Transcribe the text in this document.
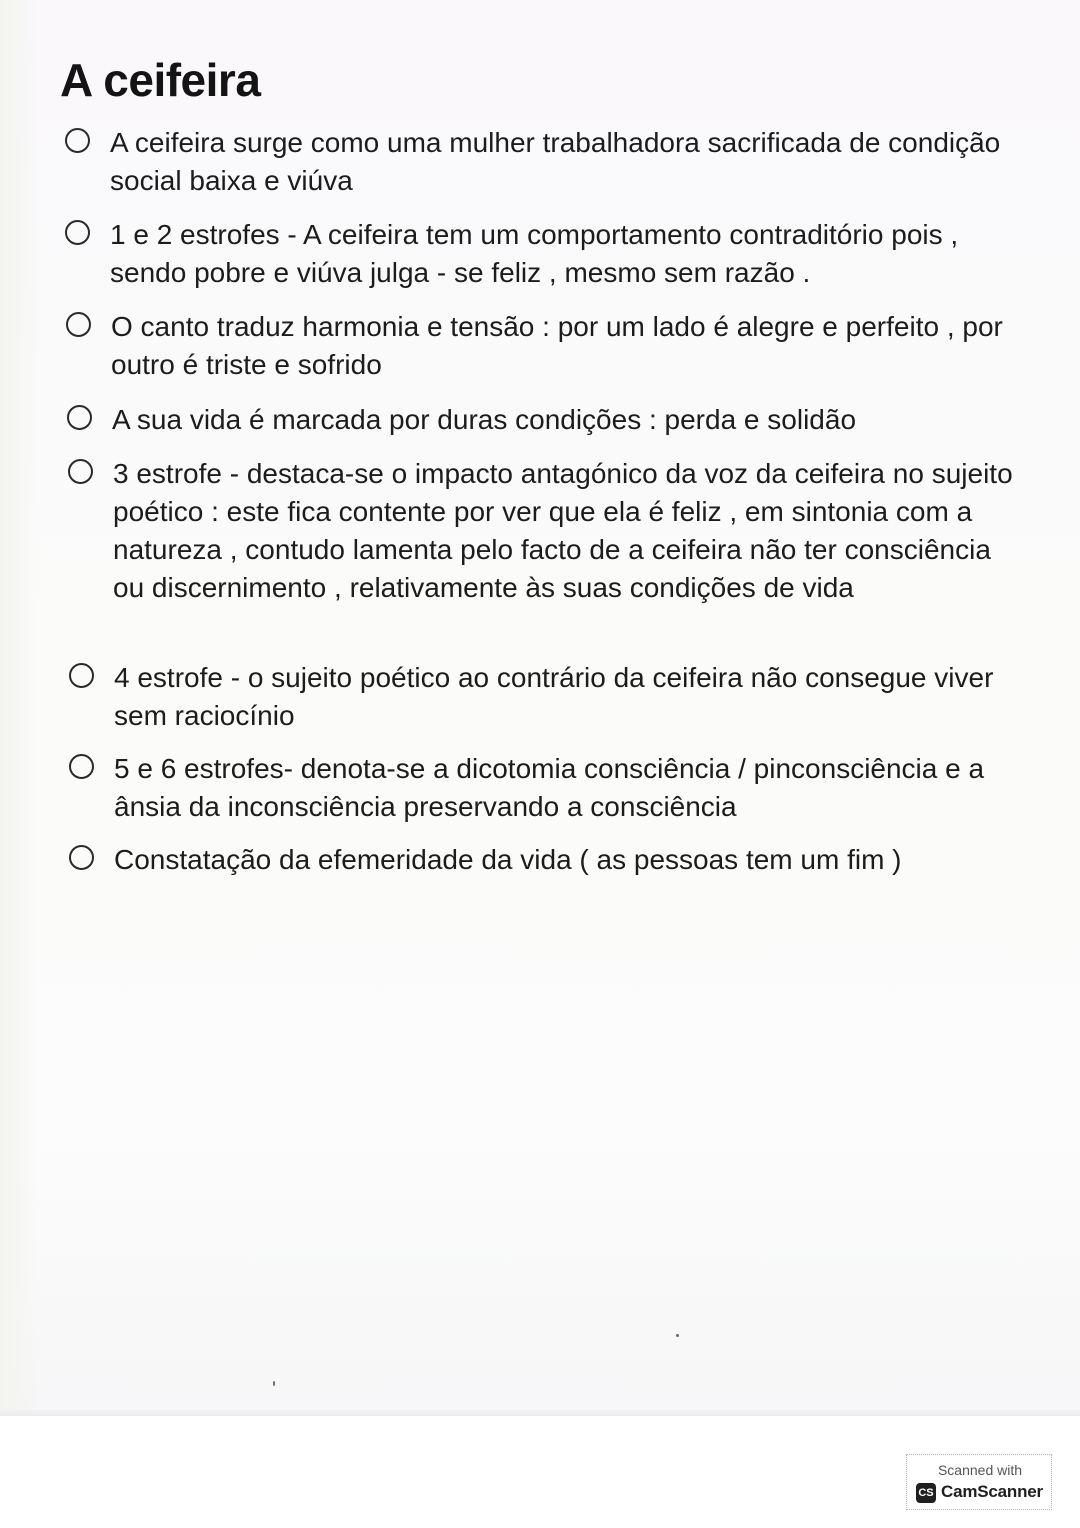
A ceifeira
A ceifeira surge como uma mulher trabalhadora sacrificada de condição social baixa e viúva
1 e 2 estrofes - A ceifeira tem um comportamento contraditório pois , sendo pobre e viúva julga - se feliz , mesmo sem razão .
O canto traduz harmonia e tensão : por um lado é alegre e perfeito , por outro é triste e sofrido
A sua vida é marcada por duras condições : perda e solidão
3 estrofe - destaca-se o impacto antagónico da voz da ceifeira no sujeito poético : este fica contente por ver que ela é feliz , em sintonia com a natureza , contudo lamenta pelo facto de a ceifeira não ter consciência ou discernimento , relativamente às suas condições de vida
4 estrofe - o sujeito poético ao contrário da ceifeira não consegue viver sem raciocínio
5 e 6 estrofes- denota-se a dicotomia consciência / pinconsciência e a ânsia da inconsciência preservando a consciência
Constatação da efemeridade da vida ( as pessoas tem um fim )
Scanned with
CS CamScanner
